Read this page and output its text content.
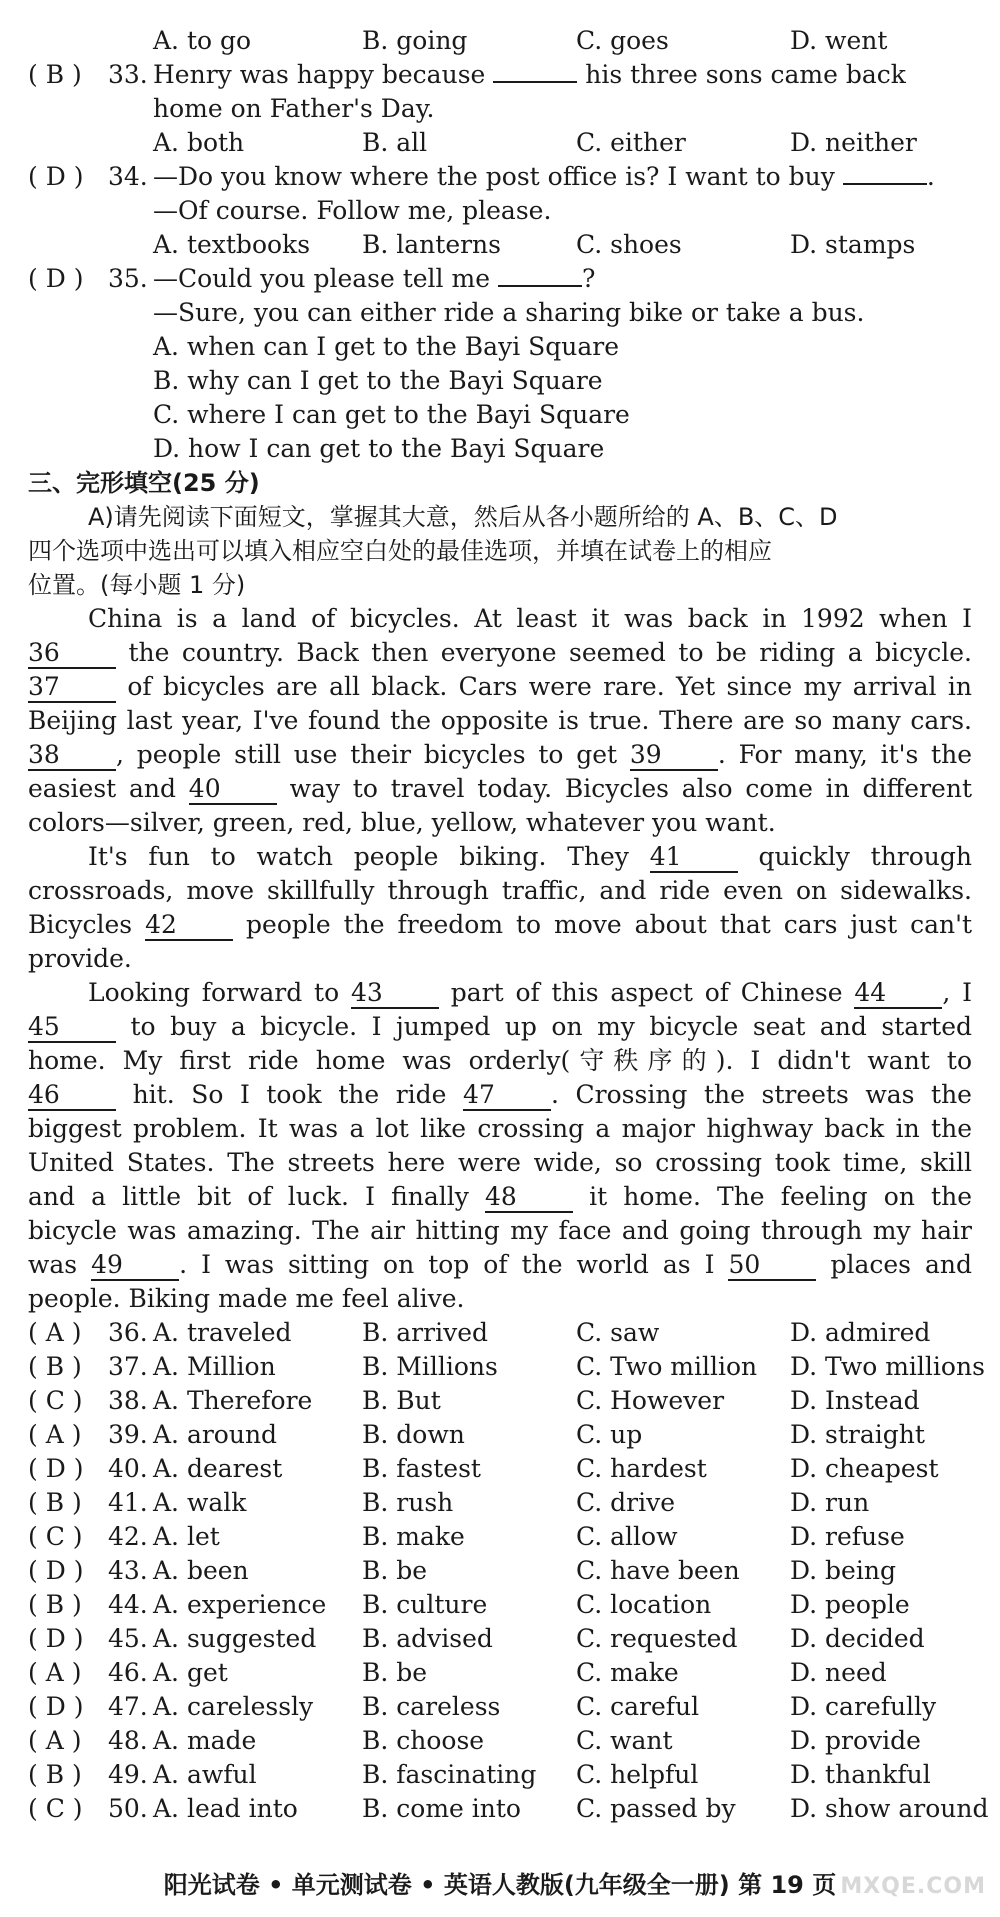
A. to go	B. going	C. goes	D. went
( B )	33. Henry was happy because	his three sons came back
home on Father's Day.
A. both	B. all	C. either	D. neither
( D ) 34. —Do you know where the post office is? I want to buy	.
—Of course. Follow me, please.
A. textbooks B. lanterns	C. shoes	D. stamps
( D ) 35. —Could you please tell me	?
—Sure, you can either ride a sharing bike or take a bus.
A. when can I get to the Bayi Square
B. why can I get to the Bayi Square
C. where I can get to the Bayi Square
D. how I can get to the Bayi Square
三、完形填空(25 分)
A)请先阅读下面短文，掌握其大意，然后从各小题所给的 A、B、C、D
四个选项中选出可以填入相应空白处的最佳选项，并填在试卷上的相应
位置。(每小题 1 分)
China is a land of bicycles. At least it was back in 1992 when I
36	the country. Back then everyone seemed to be riding a bicycle.
37	of bicycles are all black. Cars were rare. Yet since my arrival in
Beijing last year, I've found the opposite is true. There are so many cars.
38 , people still use their bicycles to get 39 . For many, it's the
easiest and 40	way to travel today. Bicycles also come in different
colors—silver, green, red, blue, yellow, whatever you want.
It's fun to watch people biking. They 41	quickly through
crossroads, move skillfully through traffic, and ride even on sidewalks.
Bicycles 42	people the freedom to move about that cars just can't
provide.
Looking forward to 43	part of this aspect of Chinese 44 , I
45	to buy a bicycle. I jumped up on my bicycle seat and started
home. My first ride home was orderly(守秩序的). I didn't want to
46	hit. So I took the ride 47 . Crossing the streets was the
biggest problem. It was a lot like crossing a major highway back in the
United States. The streets here were wide, so crossing took time, skill
and a little bit of luck. I finally 48	it home. The feeling on the
bicycle was amazing. The air hitting my face and going through my hair
was 49 . I was sitting on top of the world as I 50	places and
people. Biking made me feel alive.
( A )	36. A. traveled	B. arrived	C. saw	D. admired
( B )	37. A. Million	B. Millions	C. Two million D. Two millions
( C )	38. A. Therefore B. But	C. However	D. Instead
( A )	39. A. around	B. down	C. up	D. straight
( D ) 40. A. dearest	B. fastest	C. hardest	D. cheapest
( B )	41. A. walk	B. rush	C. drive	D. run
( C )	42. A. let	B. make	C. allow	D. refuse
( D ) 43. A. been	B. be	C. have been D. being
( B )	44. A. experience B. culture	C. location	D. people
( D ) 45. A. suggested B. advised	C. requested D. decided
( A )	46. A. get	B. be	C. make	D. need
( D ) 47. A. carelessly B. careless	C. careful	D. carefully
( A )	48. A. made	B. choose	C. want	D. provide
( B )	49. A. awful	B. fascinating C. helpful	D. thankful
( C )	50. A. lead into	B. come into C. passed by D. show around
阳光试卷 • 单元测试卷 • 英语人教版(九年级全一册) 第 19 页 MXQE.COM
